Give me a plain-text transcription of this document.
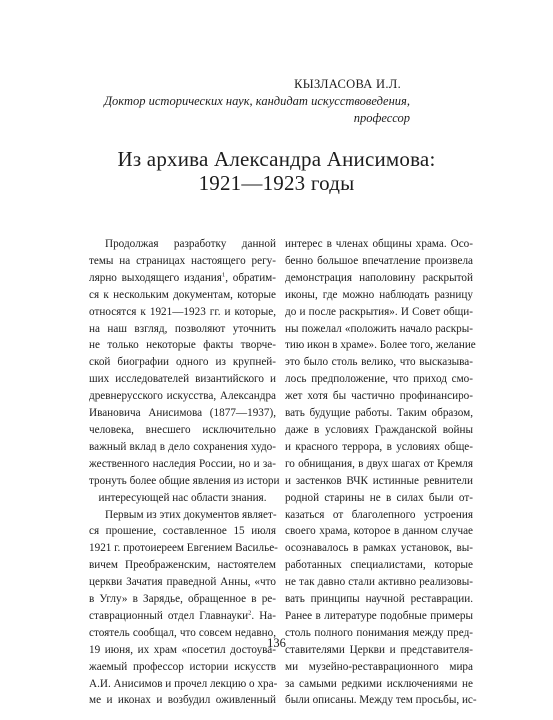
КЫЗЛАСОВА И.Л.
Доктор исторических наук, кандидат искусствоведения, профессор
Из архива Александра Анисимова:
1921—1923 годы
Продолжая разработку данной
темы на страницах настоящего регу-
лярно выходящего издания$^1$, обратим-
ся к нескольким документам, которые
относятся к 1921—1923 гг. и которые,
на наш взгляд, позволяют уточнить
не только некоторые факты творче-
ской биографии одного из крупней-
ших исследователей византийского и
древнерусского искусства, Александра
Ивановича Анисимова (1877—1937),
человека, внесшего исключительно
важный вклад в дело сохранения худо-
жественного наследия России, но и за-
тронуть более общие явления из истори
интересующей нас области знания.
Первым из этих документов являет-
ся прошение, составленное 15 июля
1921 г. протоиереем Евгением Василье-
вичем Преображенским, настоятелем
церкви Зачатия праведной Анны, «что
в Углу» в Зарядье, обращенное в ре-
ставрационный отдел Главнауки$^2$. На-
стоятель сообщал, что совсем недавно,
19 июня, их храм «посетил достоува-
жаемый профессор истории искусств
А.И. Анисимов и прочел лекцию о хра-
ме и иконах и возбудил оживленный
интерес в членах общины храма. Осо-
бенно большое впечатление произвела
демонстрация наполовину раскрытой
иконы, где можно наблюдать разницу
до и после раскрытия». И Совет общи-
ны пожелал «положить начало раскры-
тию икон в храме». Более того, желание
это было столь велико, что высказыва-
лось предположение, что приход смо-
жет хотя бы частично профинансиро-
вать будущие работы. Таким образом,
даже в условиях Гражданской войны
и красного террора, в условиях обще-
го обнищания, в двух шагах от Кремля
и застенков ВЧК истинные ревнители
родной старины не в силах были от-
казаться от благолепного устроения
своего храма, которое в данном случае
осознавалось в рамках установок, вы-
работанных специалистами, которые
не так давно стали активно реализовы-
вать принципы научной реставрации.
Ранее в литературе подобные примеры
столь полного понимания между пред-
ставителями Церкви и представителя-
ми музейно-реставрационного мира
за самыми редкими исключениями не
были описаны. Между тем просьбы, ис-
136
